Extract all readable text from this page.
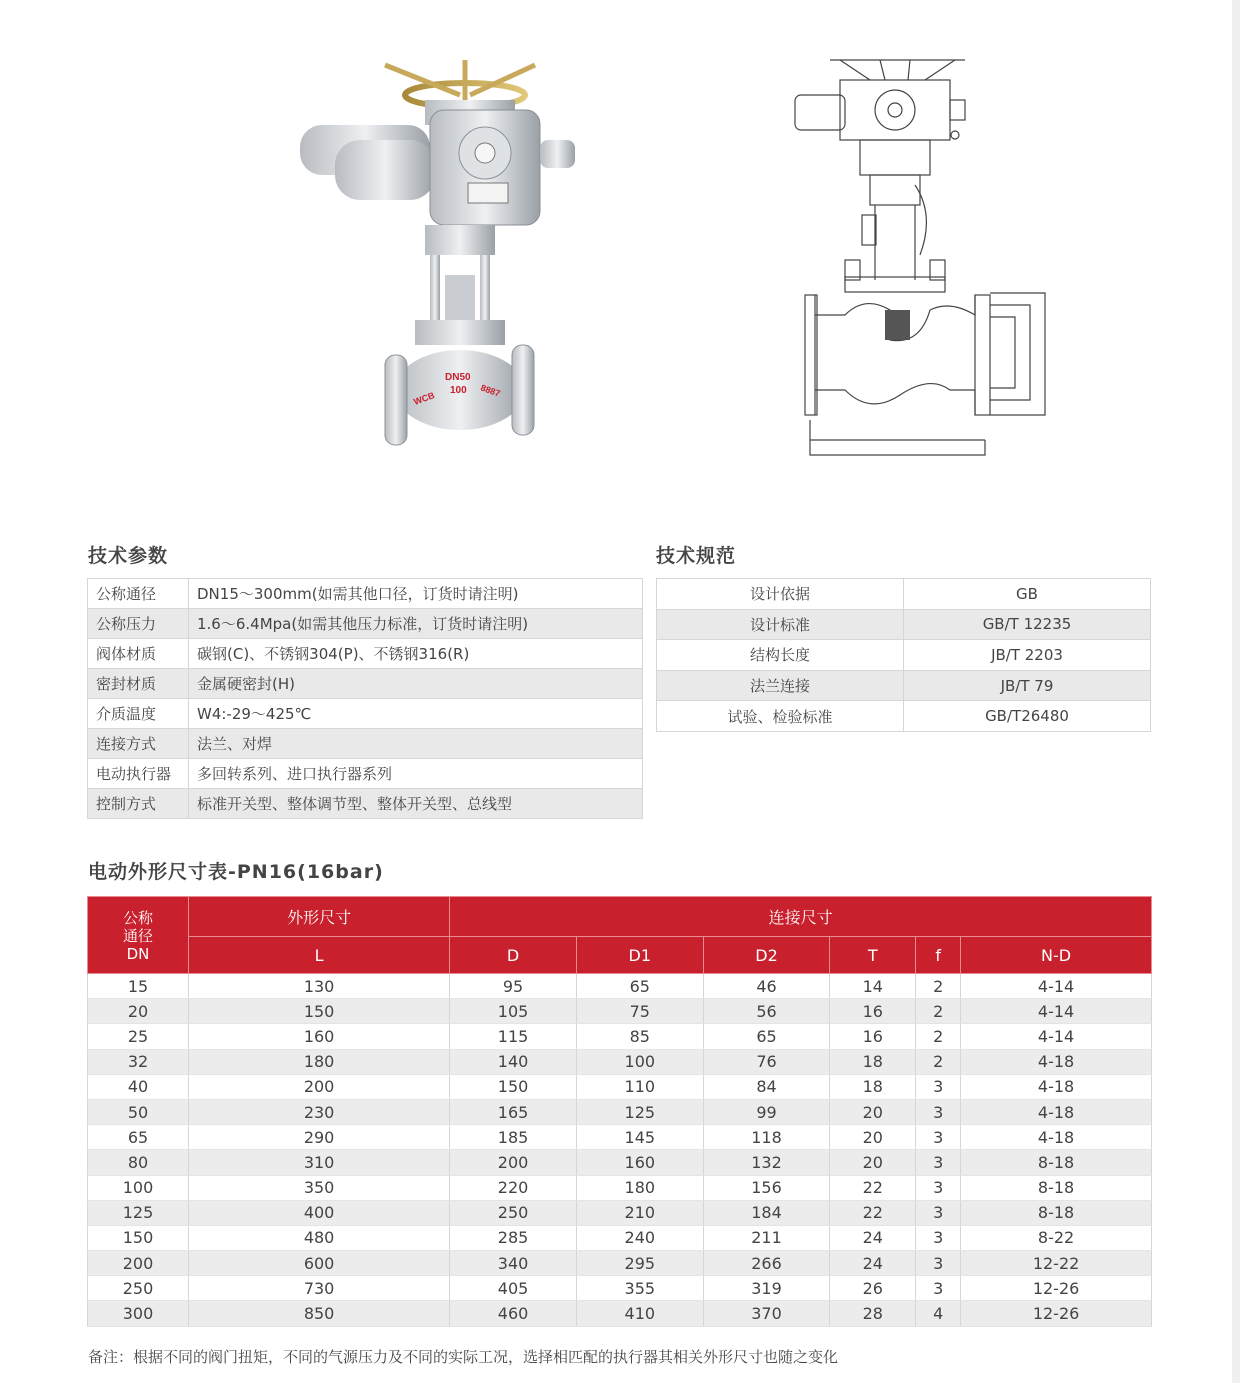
DN50
100
WCB	8887
技术参数
公称通径	DN15～300mm(如需其他口径，订货时请注明)
公称压力	1.6～6.4Mpa(如需其他压力标准，订货时请注明)
阀体材质	碳钢(C)、不锈钢304(P)、不锈钢316(R)
密封材质	金属硬密封(H)
介质温度	W4:-29～425℃
连接方式	法兰、对焊
电动执行器	多回转系列、进口执行器系列
控制方式	标准开关型、整体调节型、整体开关型、总线型
技术规范
设计依据	GB
设计标准	GB/T 12235
结构长度	JB/T 2203
法兰连接	JB/T 79
试验、检验标准	GB/T26480
电动外形尺寸表-PN16(16bar)
公称
通径
DN	外形尺寸	连接尺寸					
	L	D	D1	D2	T	f	N-D
15	130	95	65	46	14	2	4-14
20	150	105	75	56	16	2	4-14
25	160	115	85	65	16	2	4-14
32	180	140	100	76	18	2	4-18
40	200	150	110	84	18	3	4-18
50	230	165	125	99	20	3	4-18
65	290	185	145	118	20	3	4-18
80	310	200	160	132	20	3	8-18
100	350	220	180	156	22	3	8-18
125	400	250	210	184	22	3	8-18
150	480	285	240	211	24	3	8-22
200	600	340	295	266	24	3	12-22
250	730	405	355	319	26	3	12-26
300	850	460	410	370	28	4	12-26
备注：根据不同的阀门扭矩，不同的气源压力及不同的实际工况，选择相匹配的执行器其相关外形尺寸也随之变化
